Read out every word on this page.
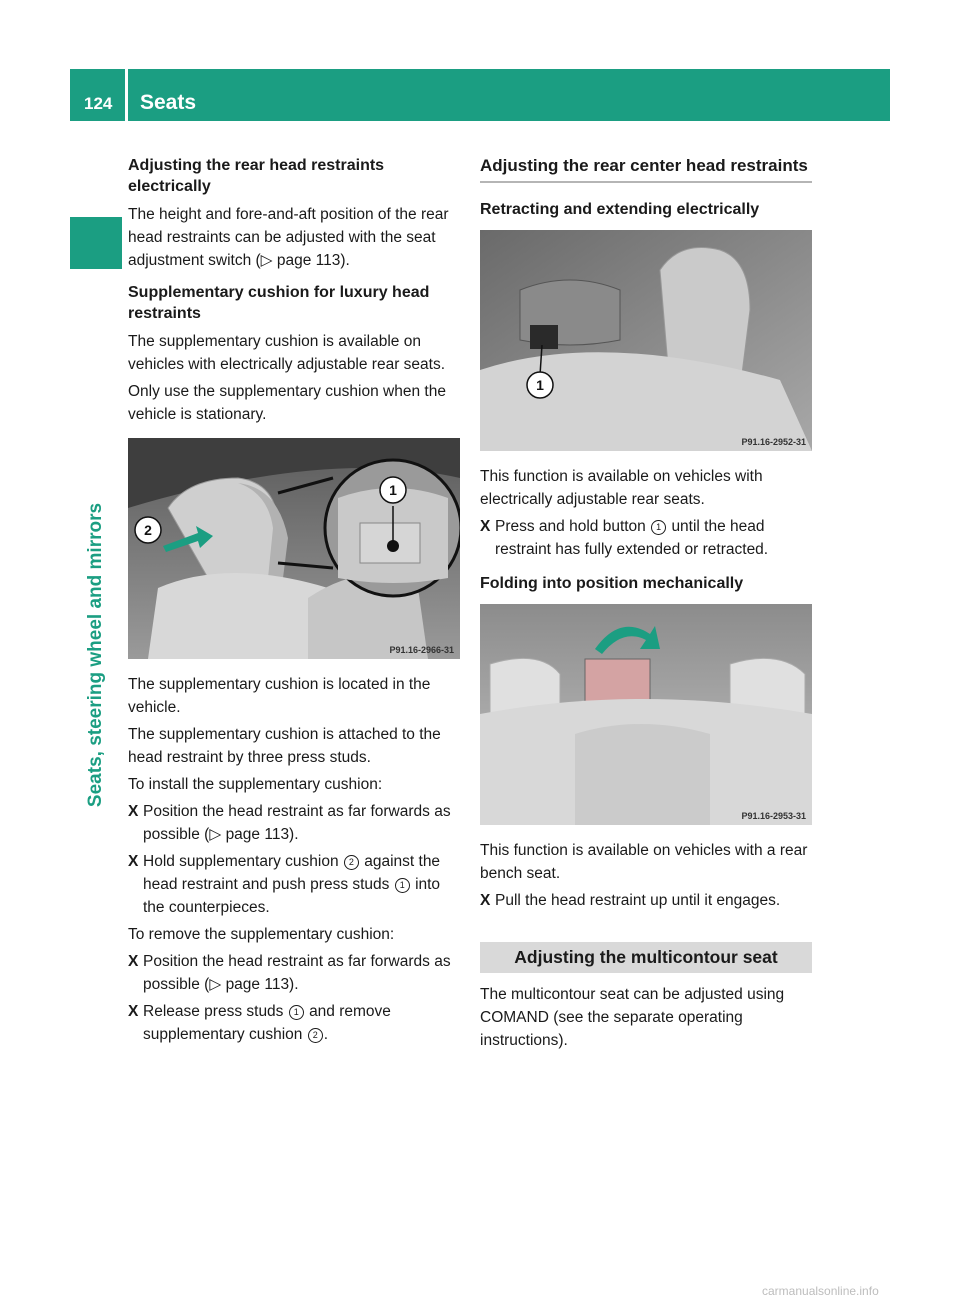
124 Seats
Seats, steering wheel and mirrors
Adjusting the rear head restraints electrically

The height and fore-and-aft position of the rear head restraints can be adjusted with the seat adjustment switch (▷ page 113).

Supplementary cushion for luxury head restraints

The supplementary cushion is available on vehicles with electrically adjustable rear seats.

Only use the supplementary cushion when the vehicle is stationary.

1
2
P91.16-2966-31

The supplementary cushion is located in the vehicle.

The supplementary cushion is attached to the head restraint by three press studs.

To install the supplementary cushion:

X Position the head restraint as far forwards as possible (▷ page 113).
X Hold supplementary cushion 2 against the head restraint and push press studs 1 into the counterpieces.

To remove the supplementary cushion:

X Position the head restraint as far forwards as possible (▷ page 113).
X Release press studs 1 and remove supplementary cushion 2 .
Adjusting the rear center head restraints
Retracting and extending electrically
1
P91.16-2952-31

This function is available on vehicles with electrically adjustable rear seats.

X Press and hold button 1 until the head restraint has fully extended or retracted.
Folding into position mechanically
P91.16-2953-31

This function is available on vehicles with a rear bench seat.

X Pull the head restraint up until it engages.
Adjusting the multicontour seat

The multicontour seat can be adjusted using COMAND (see the separate operating instructions).

carmanualsonline.info
